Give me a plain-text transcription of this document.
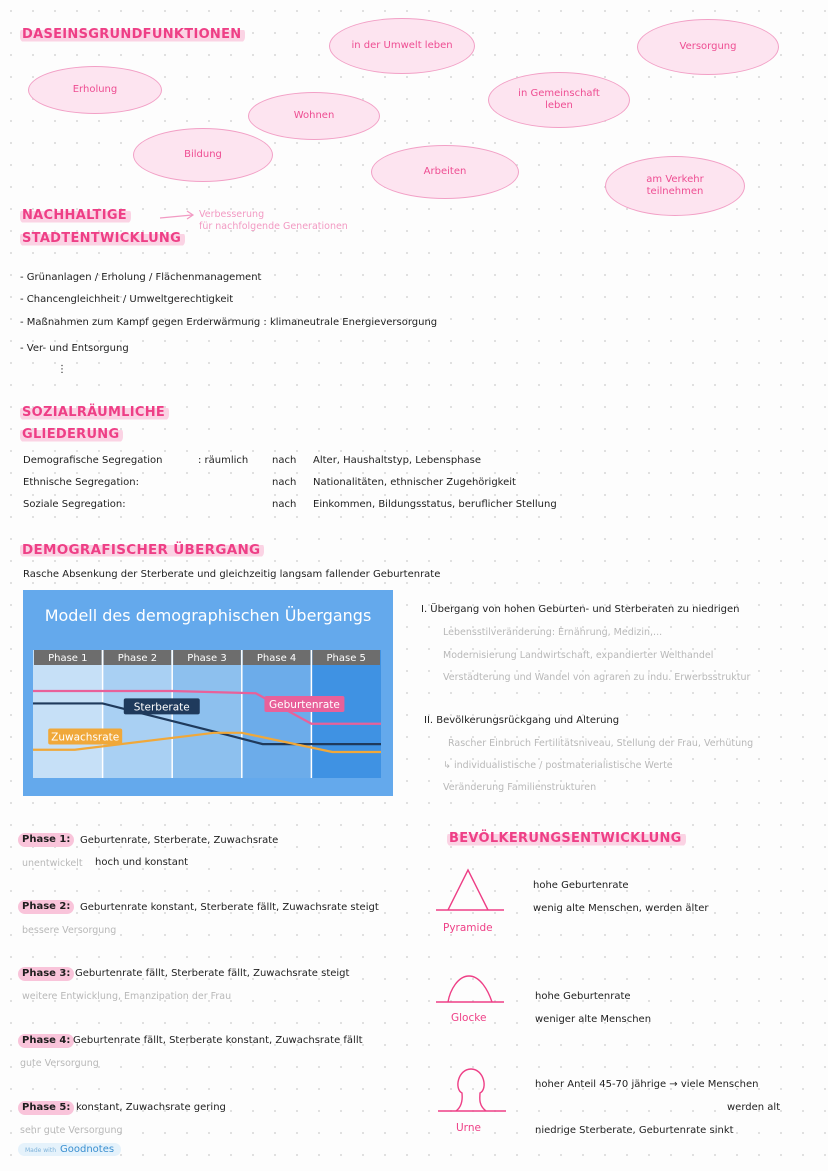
DASEINSGRUNDFUNKTIONEN
in der Umwelt leben	Versorgung
Erholung
Wohnen
in Gemeinschaft leben
Bildung
Arbeiten
am Verkehr teilnehmen
NACHHALTIGE
STADTENTWICKLUNG
Verbesserung
für nachfolgende Generationen
- Grünanlagen / Erholung / Flächenmanagement
- Chancengleichheit / Umweltgerechtigkeit
- Maßnahmen zum Kampf gegen Erderwärmung : klimaneutrale Energieversorgung
- Ver- und Entsorgung
⋮
SOZIALRÄUMLICHE
GLIEDERUNG
Demografische Segregation	: räumlich nach Alter, Haushaltstyp, Lebensphase
Ethnische Segregation:	nach Nationalitäten, ethnischer Zugehörigkeit
Soziale Segregation:	nach Einkommen, Bildungsstatus, beruflicher Stellung
DEMOGRAFISCHER ÜBERGANG
Rasche Absenkung der Sterberate und gleichzeitig langsam fallender Geburtenrate
Modell des demographischen Übergangs
Phase 1	Phase 2	Phase 3	Phase 4	Phase 5
Geburtenrate
Sterberate
Zuwachsrate
I. Übergang von hohen Geburten- und Sterberaten zu niedrigen
Lebensstilveränderung: Ernährung, Medizin,...
Modernisierung Landwirtschaft, expandierter Welthandel
Verstädterung und Wandel von agraren zu indu. Erwerbsstruktur
II. Bevölkerungsrückgang und Alterung
Rascher Einbruch Fertilitätsniveau, Stellung der Frau, Verhütung
↳ individualistische / postmaterialistische Werte
Veränderung Familienstrukturen
Phase 1: Geburtenrate, Sterberate, Zuwachsrate
unentwickelt hoch und konstant
Phase 2: Geburtenrate konstant, Sterberate fällt, Zuwachsrate steigt
bessere Versorgung
Phase 3: Geburtenrate fällt, Sterberate fällt, Zuwachsrate steigt
weitere Entwicklung, Emanzipation der Frau
Phase 4: Geburtenrate fällt, Sterberate konstant, Zuwachsrate fällt
gute Versorgung
Phase 5: konstant, Zuwachsrate gering
sehr gute Versorgung
BEVÖLKERUNGSENTWICKLUNG
Pyramide
hohe Geburtenrate
wenig alte Menschen, werden älter
Glocke
hohe Geburtenrate
weniger alte Menschen
Urne
hoher Anteil 45-70 jährige → viele Menschen
werden alt
niedrige Sterberate, Geburtenrate sinkt
Made with Goodnotes
